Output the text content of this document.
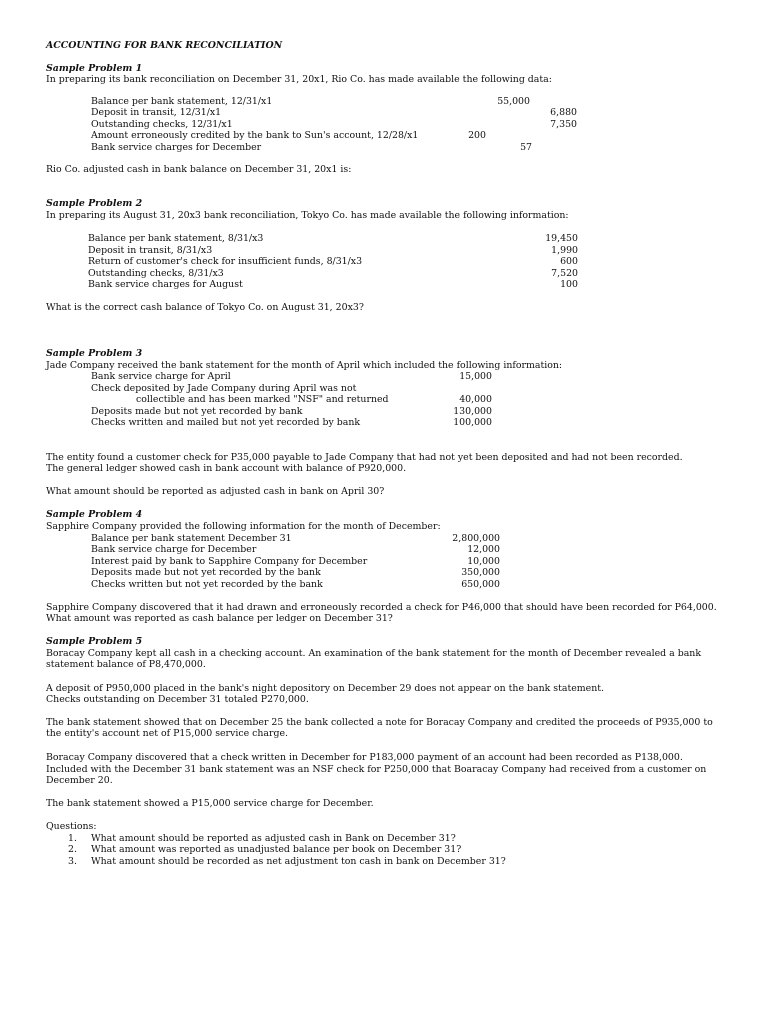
ACCOUNTING FOR BANK RECONCILIATION
Sample Problem 1
In preparing its bank reconciliation on December 31, 20x1, Rio Co. has made available the following data:
Balance per bank statement, 12/31/x1	55,000
Deposit in transit, 12/31/x1	6,880
Outstanding checks, 12/31/x1	7,350
Amount erroneously credited by the bank to Sun's account, 12/28/x1	200
Bank service charges for December	57
Rio Co. adjusted cash in bank balance on December 31, 20x1 is:
Sample Problem 2
In preparing its August 31, 20x3 bank reconciliation, Tokyo Co. has made available the following information:
Balance per bank statement, 8/31/x3	19,450
Deposit in transit, 8/31/x3	1,990
Return of customer's check for insufficient funds, 8/31/x3	600
Outstanding checks, 8/31/x3	7,520
Bank service charges for August	100
What is the correct cash balance of Tokyo Co. on August 31, 20x3?
Sample Problem 3
Jade Company received the bank statement for the month of April which included the following information:
Bank service charge for April	15,000
Check deposited by Jade Company during April was not
collectible and has been marked "NSF" and returned	40,000
Deposits made but not yet recorded by bank	130,000
Checks written and mailed but not yet recorded by bank	100,000
The entity found a customer check for P35,000 payable to Jade Company that had not yet been deposited and had not been recorded.
The general ledger showed cash in bank account with balance of P920,000.
What amount should be reported as adjusted cash in bank on April 30?
Sample Problem 4
Sapphire Company provided the following information for the month of December:
Balance per bank statement December 31	2,800,000
Bank service charge for December	12,000
Interest paid by bank to Sapphire Company for December	10,000
Deposits made but not yet recorded by the bank	350,000
Checks written but not yet recorded by the bank	650,000
Sapphire Company discovered that it had drawn and erroneously recorded a check for P46,000 that should have been recorded for P64,000.
What amount was reported as cash balance per ledger on December 31?
Sample Problem 5
Boracay Company kept all cash in a checking account. An examination of the bank statement for the month of December revealed a bank
statement balance of P8,470,000.
A deposit of P950,000 placed in the bank's night depository on December 29 does not appear on the bank statement.
Checks outstanding on December 31 totaled P270,000.
The bank statement showed that on December 25 the bank collected a note for Boracay Company and credited the proceeds of P935,000 to
the entity's account net of P15,000 service charge.
Boracay Company discovered that a check written in December for P183,000 payment of an account had been recorded as P138,000.
Included with the December 31 bank statement was an NSF check for P250,000 that Boaracay Company had received from a customer on
December 20.
The bank statement showed a P15,000 service charge for December.
Questions:
1. What amount should be reported as adjusted cash in Bank on December 31?
2. What amount was reported as unadjusted balance per book on December 31?
3. What amount should be recorded as net adjustment ton cash in bank on December 31?
